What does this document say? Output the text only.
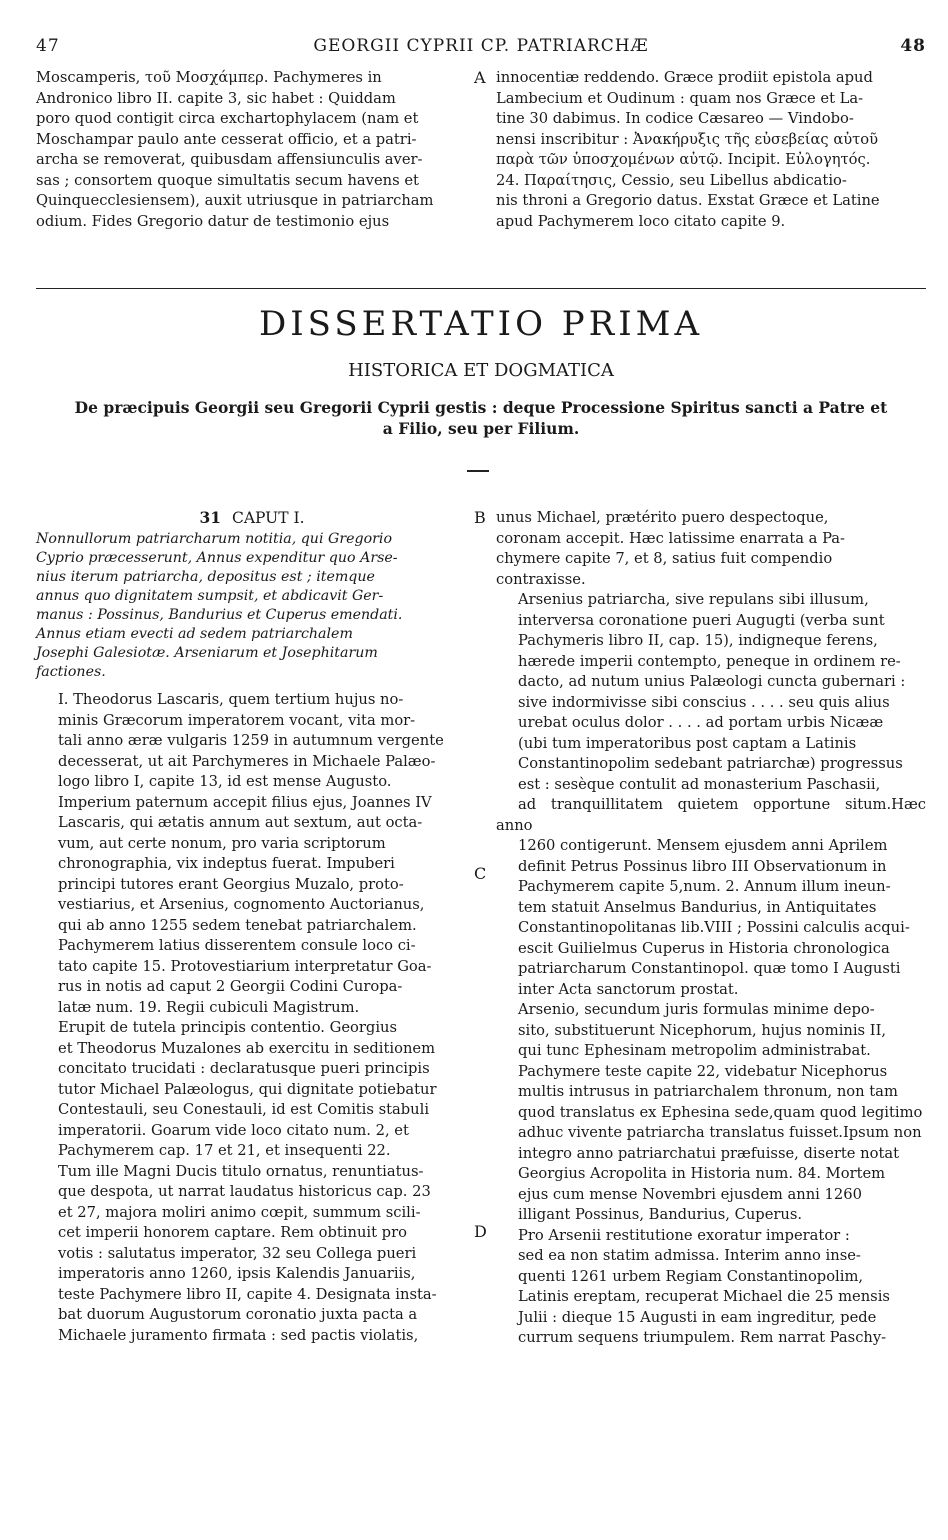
47	GEORGII CYPRII CP. PATRIARCHÆ	48
Moscamperis, τοῦ Μοσχάμπερ. Pachymeres in
Andronico libro II. capite 3, sic habet : Quiddam
poro quod contigit circa exchartophylacem (nam et
Moschampar paulo ante cesserat officio, et a patri-
archa se removerat, quibusdam affensiunculis aver-
sas ; consortem quoque simultatis secum havens et
Quinquecclesiensem), auxit utriusque in patriarcham
odium. Fides Gregorio datur de testimonio ejus
innocentiæ reddendo. Græce prodiit epistola apud
Lambecium et Oudinum : quam nos Græce et La-
tine 30 dabimus. In codice Cæsareo — Vindobo-
nensi inscribitur : Ἀνακήρυξις τῆς εὐσεβείας αὐτοῦ
παρὰ τῶν ὑποσχομένων αὐτῷ. Incipit. Εὐλογητός.
24. Παραίτησις, Cessio, seu Libellus abdicatio-
nis throni a Gregorio datus. Exstat Græce et Latine
apud Pachymerem loco citato capite 9.
A
DISSERTATIO PRIMA
HISTORICA ET DOGMATICA
De præcipuis Georgii seu Gregorii Cyprii gestis : deque Processione Spiritus sancti a Patre et
a Filio, seu per Filium.
31 CAPUT I.
Nonnullorum patriarcharum notitia, qui Gregorio
Cyprio præcesserunt, Annus expenditur quo Arse-
nius iterum patriarcha, depositus est ; itemque
annus quo dignitatem sumpsit, et abdicavit Ger-
manus : Possinus, Bandurius et Cuperus emendati.
Annus etiam evecti ad sedem patriarchalem
Josephi Galesiotæ. Arseniarum et Josephitarum
factiones.
I. Theodorus Lascaris, quem tertium hujus no-
minis Græcorum imperatorem vocant, vita mor-
tali anno æræ vulgaris 1259 in autumnum vergente
decesserat, ut ait Parchymeres in Michaele Palæo-
logo libro I, capite 13, id est mense Augusto.
Imperium paternum accepit filius ejus, Joannes IV
Lascaris, qui ætatis annum aut sextum, aut octa-
vum, aut certe nonum, pro varia scriptorum
chronographia, vix indeptus fuerat. Impuberi
principi tutores erant Georgius Muzalo, proto-
vestiarius, et Arsenius, cognomento Auctorianus,
qui ab anno 1255 sedem tenebat patriarchalem.
Pachymerem latius disserentem consule loco ci-
tato capite 15. Protovestiarium interpretatur Goa-
rus in notis ad caput 2 Georgii Codini Curopa-
latæ num. 19. Regii cubiculi Magistrum.
Erupit de tutela principis contentio. Georgius
et Theodorus Muzalones ab exercitu in seditionem
concitato trucidati : declaratusque pueri principis
tutor Michael Palæologus, qui dignitate potiebatur
Contestauli, seu Conestauli, id est Comitis stabuli
imperatorii. Goarum vide loco citato num. 2, et
Pachymerem cap. 17 et 21, et insequenti 22.
Tum ille Magni Ducis titulo ornatus, renuntiatus-
que despota, ut narrat laudatus historicus cap. 23
et 27, majora moliri animo cœpit, summum scili-
cet imperii honorem captare. Rem obtinuit pro
votis : salutatus imperator, 32 seu Collega pueri
imperatoris anno 1260, ipsis Kalendis Januariis,
teste Pachymere libro II, capite 4. Designata insta-
bat duorum Augustorum coronatio juxta pacta a
Michaele juramento firmata : sed pactis violatis,
unus Michael, prætérito puero despectoque,
coronam accepit. Hæc latissime enarrata a Pa-
chymere capite 7, et 8, satius fuit compendio
contraxisse.
Arsenius patriarcha, sive repulans sibi illusum,
interversa coronatione pueri Augugti (verba sunt
Pachymeris libro II, cap. 15), indigneque ferens,
hærede imperii contempto, peneque in ordinem re-
dacto, ad nutum unius Palæologi cuncta gubernari :
sive indormivisse sibi conscius . . . . seu quis alius
urebat oculus dolor . . . . ad portam urbis Nicææ
(ubi tum imperatoribus post captam a Latinis
Constantinopolim sedebant patriarchæ) progressus
est : sesèque contulit ad monasterium Paschasii,
ad tranquillitatem quietem opportune situm.Hæc anno
1260 contigerunt. Mensem ejusdem anni Aprilem
definit Petrus Possinus libro III Observationum in
Pachymerem capite 5,num. 2. Annum illum ineun-
tem statuit Anselmus Bandurius, in Antiquitates
Constantinopolitanas lib.VIII ; Possini calculis acqui-
escit Guilielmus Cuperus in Historia chronologica
patriarcharum Constantinopol. quæ tomo I Augusti
inter Acta sanctorum prostat.
Arsenio, secundum juris formulas minime depo-
sito, substituerunt Nicephorum, hujus nominis II,
qui tunc Ephesinam metropolim administrabat.
Pachymere teste capite 22, videbatur Nicephorus
multis intrusus in patriarchalem thronum, non tam
quod translatus ex Ephesina sede,quam quod legitimo
adhuc vivente patriarcha translatus fuisset.Ipsum non
integro anno patriarchatui præfuisse, diserte notat
Georgius Acropolita in Historia num. 84. Mortem
ejus cum mense Novembri ejusdem anni 1260
illigant Possinus, Bandurius, Cuperus.
Pro Arsenii restitutione exoratur imperator :
sed ea non statim admissa. Interim anno inse-
quenti 1261 urbem Regiam Constantinopolim,
Latinis ereptam, recuperat Michael die 25 mensis
Julii : dieque 15 Augusti in eam ingreditur, pede
currum sequens triumpulem. Rem narrat Paschy-
B
C
D
